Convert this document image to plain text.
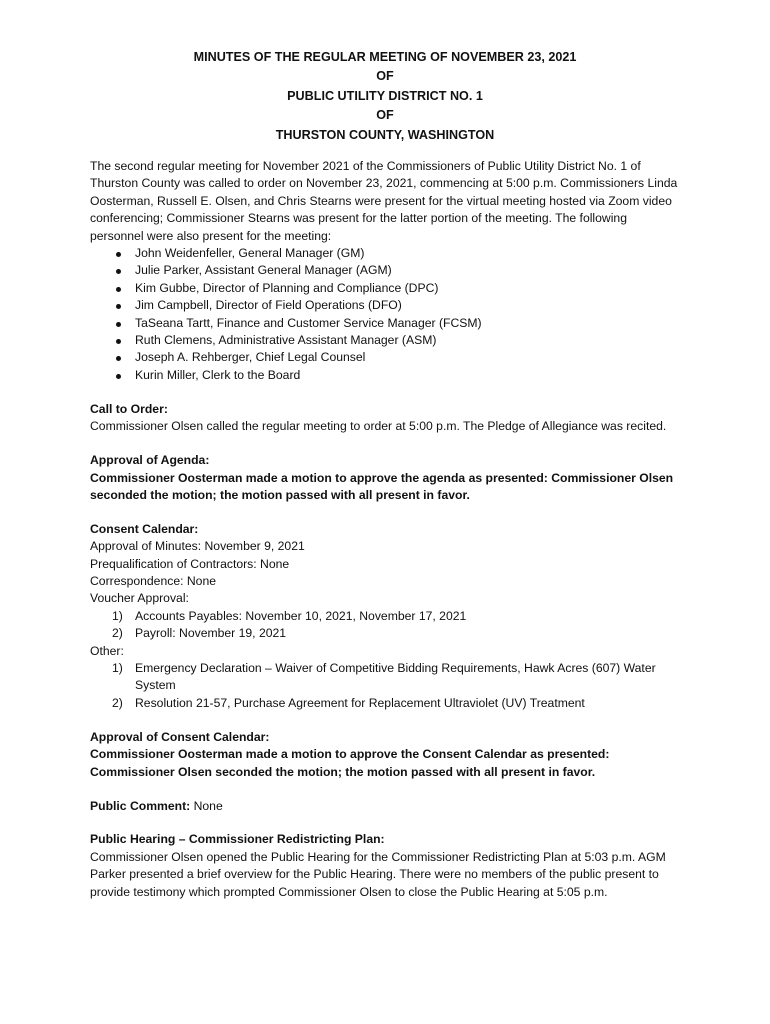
MINUTES OF THE REGULAR MEETING OF NOVEMBER 23, 2021
OF
PUBLIC UTILITY DISTRICT NO. 1
OF
THURSTON COUNTY, WASHINGTON

The second regular meeting for November 2021 of the Commissioners of Public Utility District No. 1 of Thurston County was called to order on November 23, 2021, commencing at 5:00 p.m. Commissioners Linda Oosterman, Russell E. Olsen, and Chris Stearns were present for the virtual meeting hosted via Zoom video conferencing; Commissioner Stearns was present for the latter portion of the meeting. The following personnel were also present for the meeting:

John Weidenfeller, General Manager (GM)
Julie Parker, Assistant General Manager (AGM)
Kim Gubbe, Director of Planning and Compliance (DPC)
Jim Campbell, Director of Field Operations (DFO)
TaSeana Tartt, Finance and Customer Service Manager (FCSM)
Ruth Clemens, Administrative Assistant Manager (ASM)
Joseph A. Rehberger, Chief Legal Counsel
Kurin Miller, Clerk to the Board

Call to Order:

Commissioner Olsen called the regular meeting to order at 5:00 p.m. The Pledge of Allegiance was recited.

Approval of Agenda:

Commissioner Oosterman made a motion to approve the agenda as presented: Commissioner Olsen seconded the motion; the motion passed with all present in favor.

Consent Calendar:

Approval of Minutes: November 9, 2021

Prequalification of Contractors: None

Correspondence: None

Voucher Approval:

1) Accounts Payables: November 10, 2021, November 17, 2021
2) Payroll: November 19, 2021

Other:

1) Emergency Declaration – Waiver of Competitive Bidding Requirements, Hawk Acres (607) Water System
2) Resolution 21-57, Purchase Agreement for Replacement Ultraviolet (UV) Treatment

Approval of Consent Calendar:

Commissioner Oosterman made a motion to approve the Consent Calendar as presented: Commissioner Olsen seconded the motion; the motion passed with all present in favor.

Public Comment: None

Public Hearing – Commissioner Redistricting Plan:

Commissioner Olsen opened the Public Hearing for the Commissioner Redistricting Plan at 5:03 p.m. AGM Parker presented a brief overview for the Public Hearing. There were no members of the public present to provide testimony which prompted Commissioner Olsen to close the Public Hearing at 5:05 p.m.
